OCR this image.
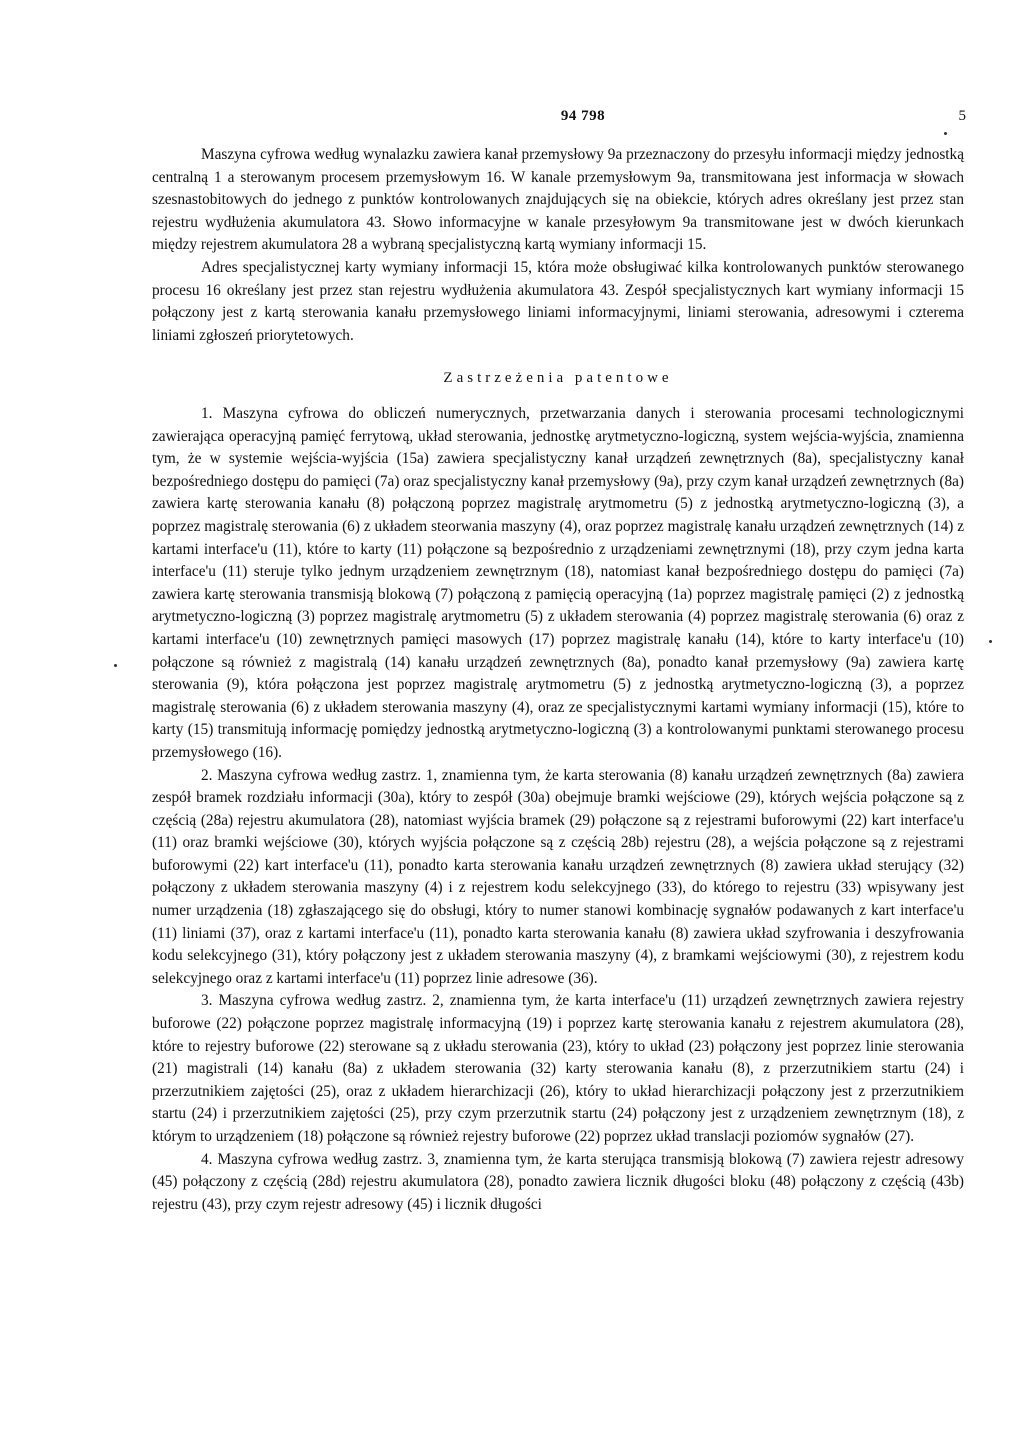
94 798	5

Maszyna cyfrowa według wynalazku zawiera kanał przemysłowy 9a przeznaczony do przesyłu informacji między jednostką centralną 1 a sterowanym procesem przemysłowym 16. W kanale przemysłowym 9a, transmitowana jest informacja w słowach szesnastobitowych do jednego z punktów kontrolowanych znajdujących się na obiekcie, których adres określany jest przez stan rejestru wydłużenia akumulatora 43. Słowo informacyjne w kanale przesyłowym 9a transmitowane jest w dwóch kierunkach między rejestrem akumulatora 28 a wybraną specjalistyczną kartą wymiany informacji 15.

Adres specjalistycznej karty wymiany informacji 15, która może obsługiwać kilka kontrolowanych punktów sterowanego procesu 16 określany jest przez stan rejestru wydłużenia akumulatora 43. Zespół specjalistycznych kart wymiany informacji 15 połączony jest z kartą sterowania kanału przemysłowego liniami informacyjnymi, liniami sterowania, adresowymi i czterema liniami zgłoszeń priorytetowych.

Zastrzeżenia patentowe

1. Maszyna cyfrowa do obliczeń numerycznych, przetwarzania danych i sterowania procesami technologicznymi zawierająca operacyjną pamięć ferrytową, układ sterowania, jednostkę arytmetyczno-logiczną, system wejścia-wyjścia, znamienna tym, że w systemie wejścia-wyjścia (15a) zawiera specjalistyczny kanał urządzeń zewnętrznych (8a), specjalistyczny kanał bezpośredniego dostępu do pamięci (7a) oraz specjalistyczny kanał przemysłowy (9a), przy czym kanał urządzeń zewnętrznych (8a) zawiera kartę sterowania kanału (8) połączoną poprzez magistralę arytmometru (5) z jednostką arytmetyczno-logiczną (3), a poprzez magistralę sterowania (6) z układem steorwania maszyny (4), oraz poprzez magistralę kanału urządzeń zewnętrznych (14) z kartami interface'u (11), które to karty (11) połączone są bezpośrednio z urządzeniami zewnętrznymi (18), przy czym jedna karta interface'u (11) steruje tylko jednym urządzeniem zewnętrznym (18), natomiast kanał bezpośredniego dostępu do pamięci (7a) zawiera kartę sterowania transmisją blokową (7) połączoną z pamięcią operacyjną (1a) poprzez magistralę pamięci (2) z jednostką arytmetyczno-logiczną (3) poprzez magistralę arytmometru (5) z układem sterowania (4) poprzez magistralę sterowania (6) oraz z kartami interface'u (10) zewnętrznych pamięci masowych (17) poprzez magistralę kanału (14), które to karty interface'u (10) połączone są również z magistralą (14) kanału urządzeń zewnętrznych (8a), ponadto kanał przemysłowy (9a) zawiera kartę sterowania (9), która połączona jest poprzez magistralę arytmometru (5) z jednostką arytmetyczno-logiczną (3), a poprzez magistralę sterowania (6) z układem sterowania maszyny (4), oraz ze specjalistycznymi kartami wymiany informacji (15), które to karty (15) transmitują informację pomiędzy jednostką arytmetyczno-logiczną (3) a kontrolowanymi punktami sterowanego procesu przemysłowego (16).

2. Maszyna cyfrowa według zastrz. 1, znamienna tym, że karta sterowania (8) kanału urządzeń zewnętrznych (8a) zawiera zespół bramek rozdziału informacji (30a), który to zespół (30a) obejmuje bramki wejściowe (29), których wejścia połączone są z częścią (28a) rejestru akumulatora (28), natomiast wyjścia bramek (29) połączone są z rejestrami buforowymi (22) kart interface'u (11) oraz bramki wejściowe (30), których wyjścia połączone są z częścią 28b) rejestru (28), a wejścia połączone są z rejestrami buforowymi (22) kart interface'u (11), ponadto karta sterowania kanału urządzeń zewnętrznych (8) zawiera układ sterujący (32) połączony z układem sterowania maszyny (4) i z rejestrem kodu selekcyjnego (33), do którego to rejestru (33) wpisywany jest numer urządzenia (18) zgłaszającego się do obsługi, który to numer stanowi kombinację sygnałów podawanych z kart interface'u (11) liniami (37), oraz z kartami interface'u (11), ponadto karta sterowania kanału (8) zawiera układ szyfrowania i deszyfrowania kodu selekcyjnego (31), który połączony jest z układem sterowania maszyny (4), z bramkami wejściowymi (30), z rejestrem kodu selekcyjnego oraz z kartami interface'u (11) poprzez linie adresowe (36).

3. Maszyna cyfrowa według zastrz. 2, znamienna tym, że karta interface'u (11) urządzeń zewnętrznych zawiera rejestry buforowe (22) połączone poprzez magistralę informacyjną (19) i poprzez kartę sterowania kanału z rejestrem akumulatora (28), które to rejestry buforowe (22) sterowane są z układu sterowania (23), który to układ (23) połączony jest poprzez linie sterowania (21) magistrali (14) kanału (8a) z układem sterowania (32) karty sterowania kanału (8), z przerzutnikiem startu (24) i przerzutnikiem zajętości (25), oraz z układem hierarchizacji (26), który to układ hierarchizacji połączony jest z przerzutnikiem startu (24) i przerzutnikiem zajętości (25), przy czym przerzutnik startu (24) połączony jest z urządzeniem zewnętrznym (18), z którym to urządzeniem (18) połączone są również rejestry buforowe (22) poprzez układ translacji poziomów sygnałów (27).

4. Maszyna cyfrowa według zastrz. 3, znamienna tym, że karta sterująca transmisją blokową (7) zawiera rejestr adresowy (45) połączony z częścią (28d) rejestru akumulatora (28), ponadto zawiera licznik długości bloku (48) połączony z częścią (43b) rejestru (43), przy czym rejestr adresowy (45) i licznik długości
